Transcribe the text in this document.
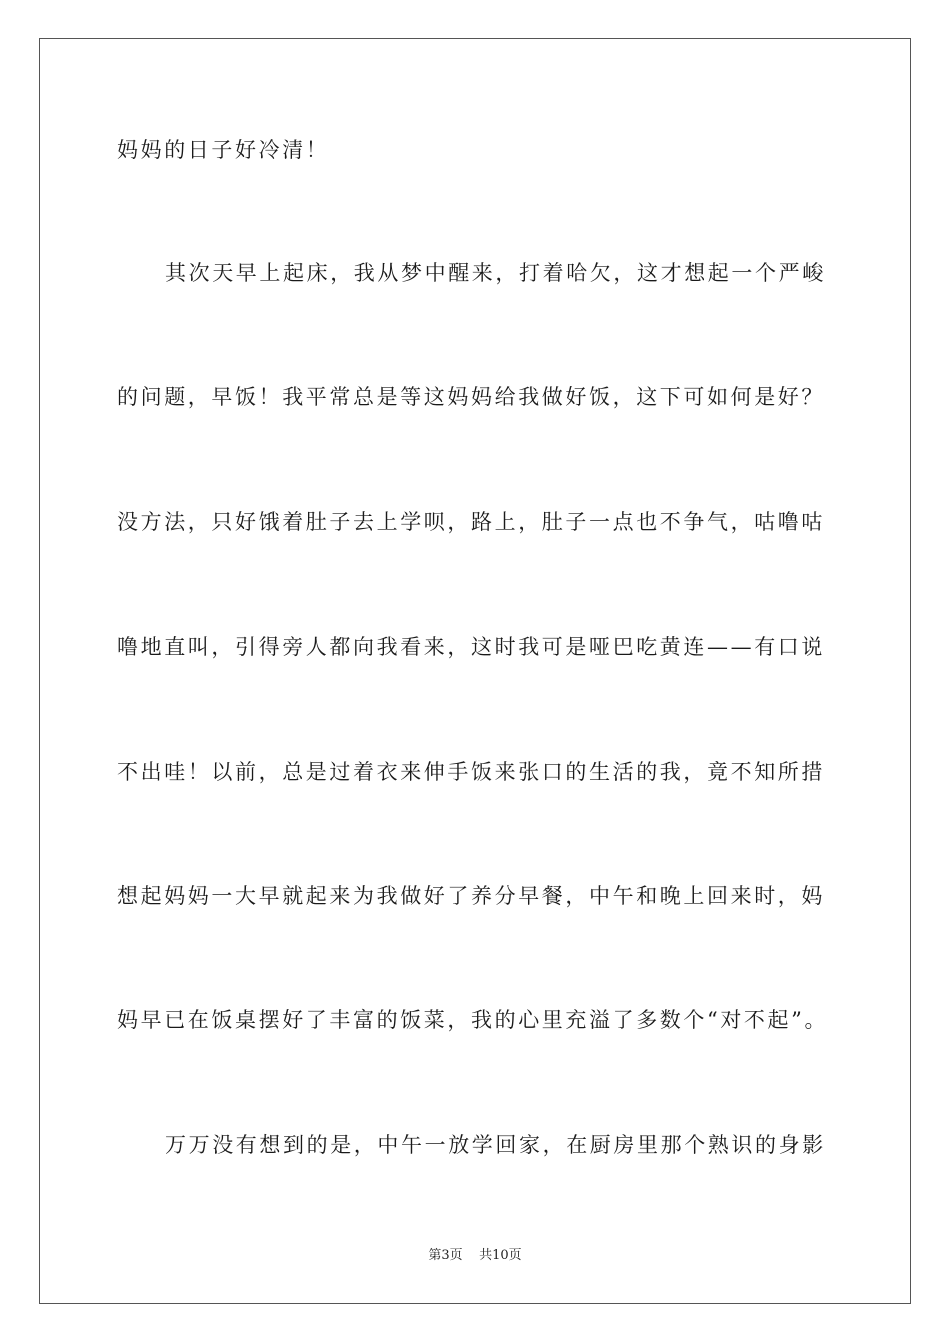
妈妈的日子好冷清！
其次天早上起床，我从梦中醒来，打着哈欠，这才想起一个严峻
的问题，早饭！我平常总是等这妈妈给我做好饭，这下可如何是好？
没方法，只好饿着肚子去上学呗，路上，肚子一点也不争气，咕噜咕
噜地直叫，引得旁人都向我看来，这时我可是哑巴吃黄连——有口说
不出哇！以前，总是过着衣来伸手饭来张口的生活的我，竟不知所措
想起妈妈一大早就起来为我做好了养分早餐，中午和晚上回来时，妈
妈早已在饭桌摆好了丰富的饭菜，我的心里充溢了多数个“对不起”。
万万没有想到的是，中午一放学回家，在厨房里那个熟识的身影
第3页 共10页
